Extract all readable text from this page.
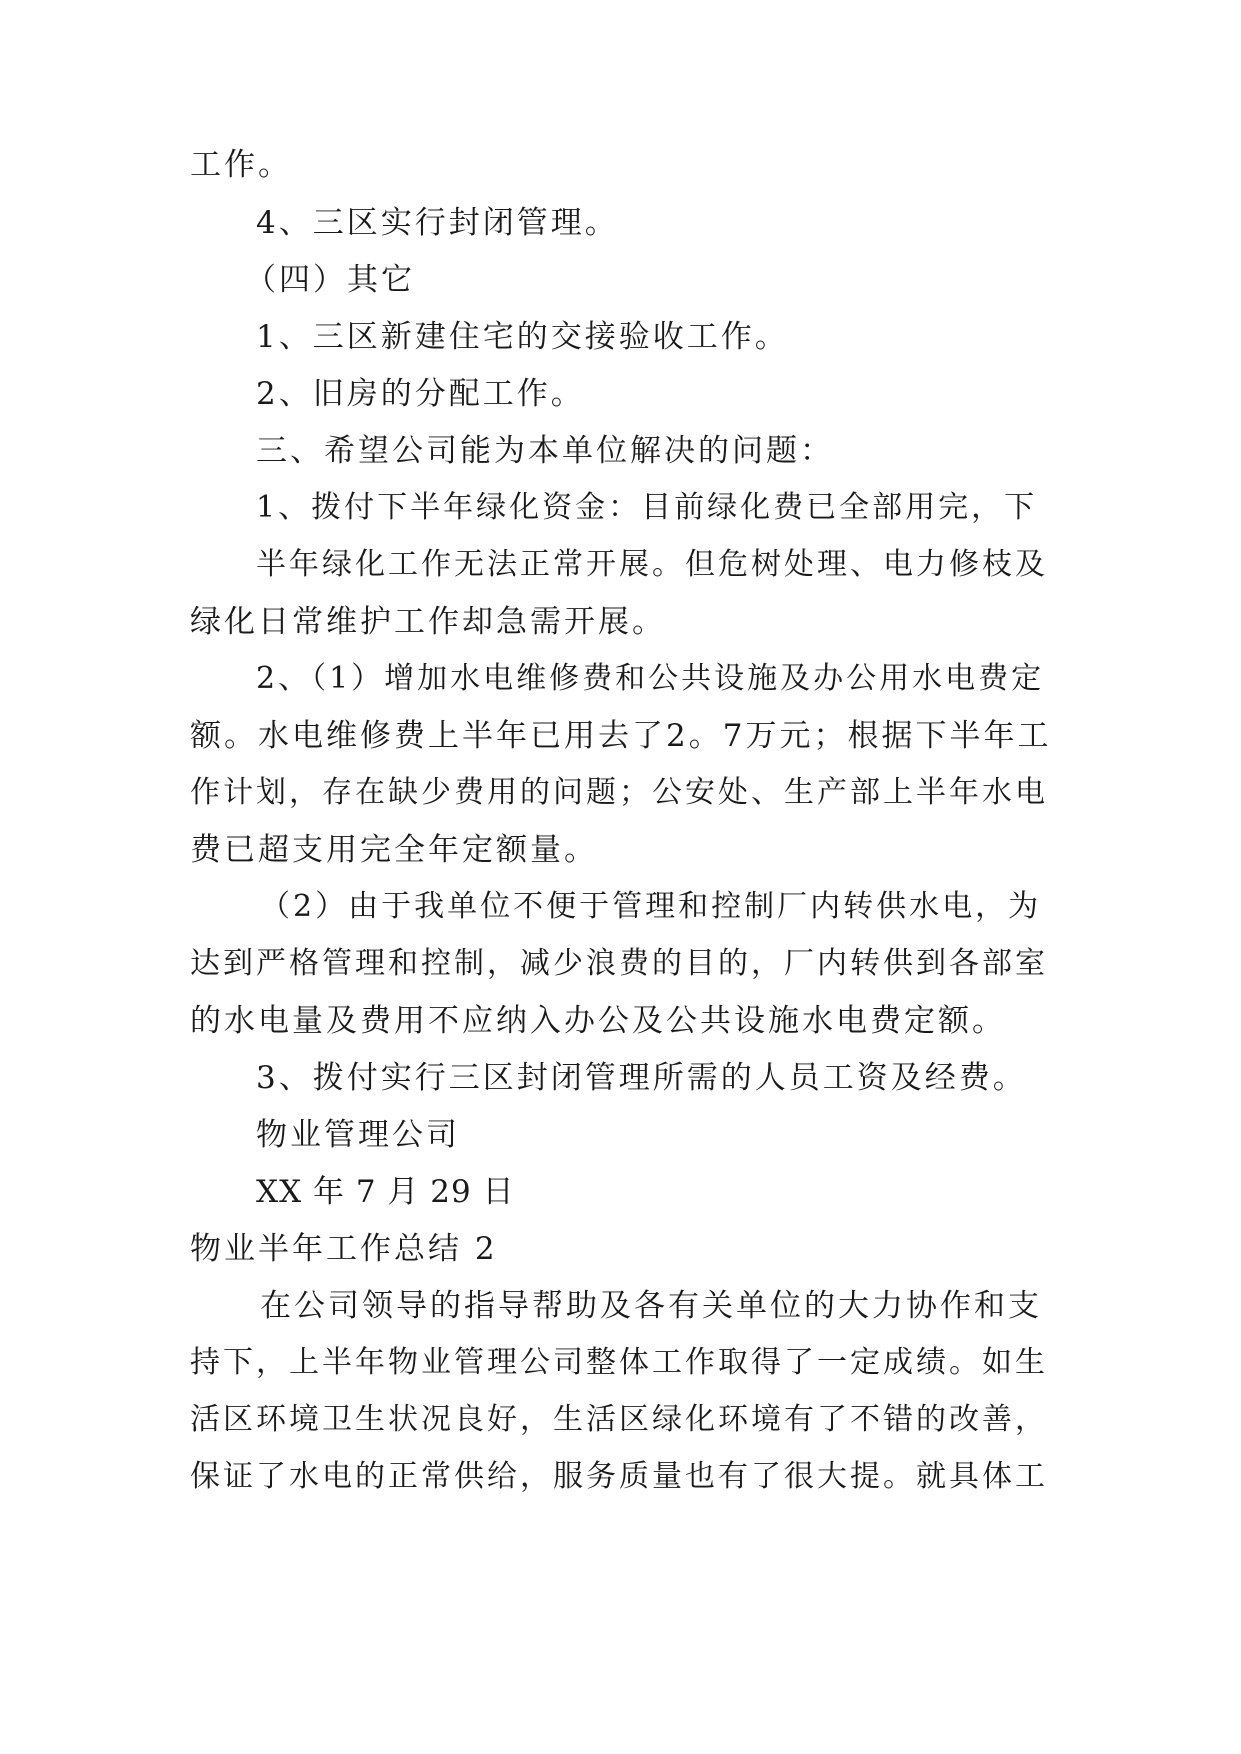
工作。
4、三区实行封闭管理。
（四）其它
1、三区新建住宅的交接验收工作。
2、旧房的分配工作。
三、希望公司能为本单位解决的问题：
1、拨付下半年绿化资金：目前绿化费已全部用完，下
半年绿化工作无法正常开展。但危树处理、电力修枝及
绿化日常维护工作却急需开展。
2、（1）增加水电维修费和公共设施及办公用水电费定
额。水电维修费上半年已用去了2。7万元；根据下半年工
作计划，存在缺少费用的问题；公安处、生产部上半年水电
费已超支用完全年定额量。
（2）由于我单位不便于管理和控制厂内转供水电，为
达到严格管理和控制，减少浪费的目的，厂内转供到各部室
的水电量及费用不应纳入办公及公共设施水电费定额。
3、拨付实行三区封闭管理所需的人员工资及经费。
物业管理公司
XX 年 7 月 29 日
物业半年工作总结 2
在公司领导的指导帮助及各有关单位的大力协作和支
持下，上半年物业管理公司整体工作取得了一定成绩。如生
活区环境卫生状况良好，生活区绿化环境有了不错的改善，
保证了水电的正常供给，服务质量也有了很大提。就具体工
